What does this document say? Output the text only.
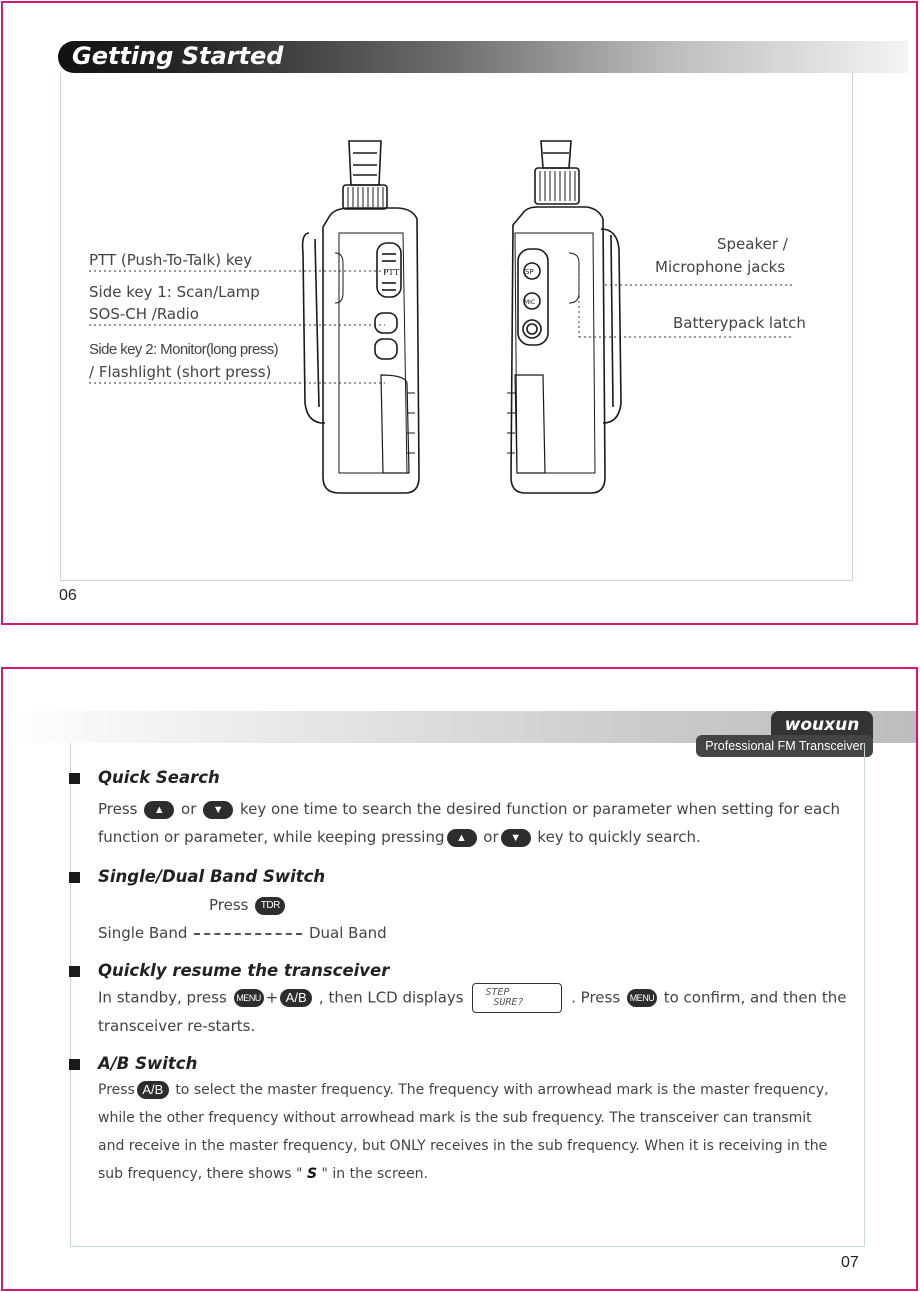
Getting Started
PTT	SP
MIC
PTT (Push-To-Talk) key
Side key 1: Scan/Lamp
SOS-CH /Radio
Side key 2: Monitor(long press)
/ Flashlight (short press)
Speaker /
Microphone jacks
Batterypack latch
06
wouxun
Professional FM Transceiver
Quick Search
Press ▲ or ▼ key one time to search the desired function or parameter when setting for each
function or parameter, while keeping pressing ▲ or ▼ key to quickly search.
Single/Dual Band Switch
Press TDR
Single Band	Dual Band
Quickly resume the transceiver
In standby, press MENU + A/B , then LCD displays STEP
SURE?	. Press MENU to confirm, and then the
transceiver re-starts.
A/B Switch
Press A/B to select the master frequency. The frequency with arrowhead mark is the master frequency,
while the other frequency without arrowhead mark is the sub frequency. The transceiver can transmit
and receive in the master frequency, but ONLY receives in the sub frequency. When it is receiving in the
sub frequency, there shows " S " in the screen.
07
